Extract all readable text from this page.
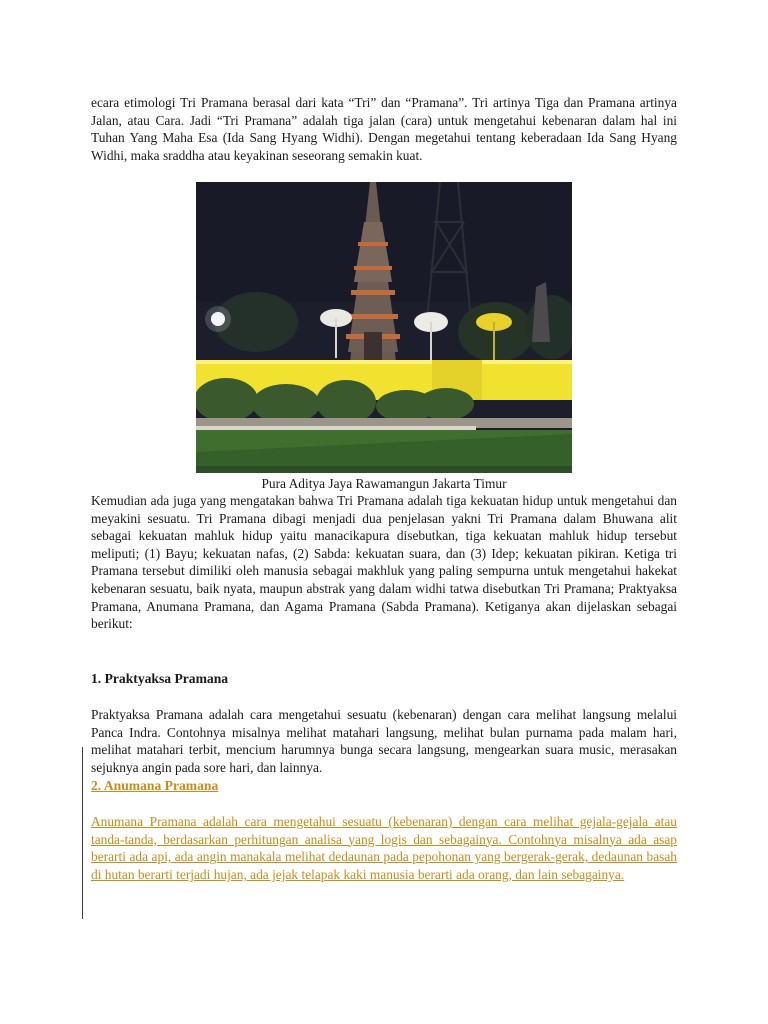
ecara etimologi Tri Pramana berasal dari kata “Tri” dan “Pramana”. Tri artinya Tiga dan Pramana artinya Jalan, atau Cara. Jadi “Tri Pramana” adalah tiga jalan (cara) untuk mengetahui kebenaran dalam hal ini Tuhan Yang Maha Esa (Ida Sang Hyang Widhi). Dengan megetahui tentang keberadaan Ida Sang Hyang Widhi, maka sraddha atau keyakinan seseorang semakin kuat.

Pura Aditya Jaya Rawamangun Jakarta Timur

Kemudian ada juga yang mengatakan bahwa Tri Pramana adalah tiga kekuatan hidup untuk mengetahui dan meyakini sesuatu. Tri Pramana dibagi menjadi dua penjelasan yakni Tri Pramana dalam Bhuwana alit sebagai kekuatan mahluk hidup yaitu manacikapura disebutkan, tiga kekuatan mahluk hidup tersebut meliputi; (1) Bayu; kekuatan nafas, (2) Sabda: kekuatan suara, dan (3) Idep; kekuatan pikiran. Ketiga tri Pramana tersebut dimiliki oleh manusia sebagai makhluk yang paling sempurna untuk mengetahui hakekat kebenaran sesuatu, baik nyata, maupun abstrak yang dalam widhi tatwa disebutkan Tri Pramana; Praktyaksa Pramana, Anumana Pramana, dan Agama Pramana (Sabda Pramana). Ketiganya akan dijelaskan sebagai berikut:

1. Praktyaksa Pramana

Praktyaksa Pramana adalah cara mengetahui sesuatu (kebenaran) dengan cara melihat langsung melalui Panca Indra. Contohnya misalnya melihat matahari langsung, melihat bulan purnama pada malam hari, melihat matahari terbit, mencium harumnya bunga secara langsung, mengearkan suara music, merasakan sejuknya angin pada sore hari, dan lainnya.

2. Anumana Pramana

Anumana Pramana adalah cara mengetahui sesuatu (kebenaran) dengan cara melihat gejala-gejala atau tanda-tanda, berdasarkan perhitungan analisa yang logis dan sebagainya. Contohnya misalnya ada asap berarti ada api, ada angin manakala melihat dedaunan pada pepohonan yang bergerak-gerak, dedaunan basah di hutan berarti terjadi hujan, ada jejak telapak kaki manusia berarti ada orang, dan lain sebagainya.
